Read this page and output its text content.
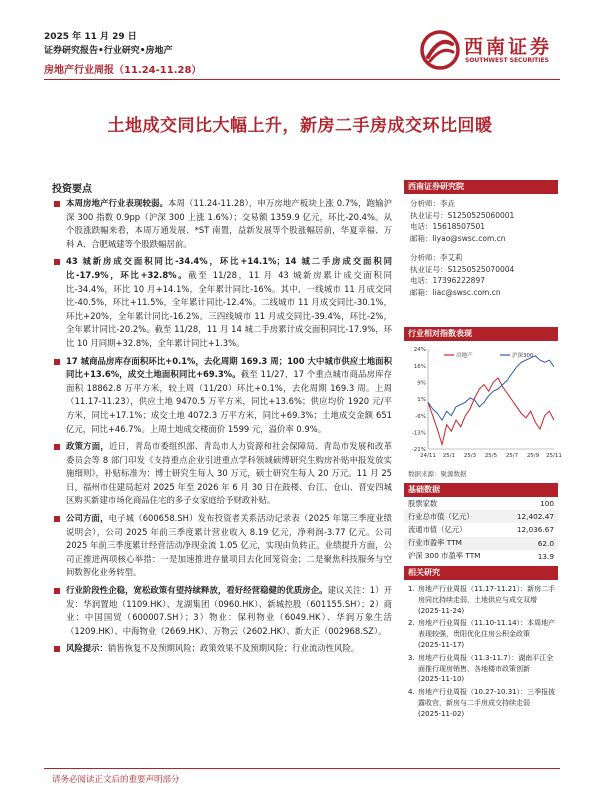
2025 年 11 月 29 日
证券研究报告•行业研究•房地产
房地产行业周报（11.24-11.28）
西南证券
SOUTHWEST SECURITIES
土地成交同比大幅上升，新房二手房成交环比回暖
投资要点
本周房地产行业表现较弱。本周（11.24-11.28），申万房地产板块上涨 0.7%，跑输沪深 300 指数 0.9pp（沪深 300 上涨 1.6%）；交易额 1359.9 亿元，环比-20.4%。从个股涨跌幅来看，本周万通发展、*ST 南置，益新发展等个股涨幅居前，华夏幸福、万科 A、合肥城建等个股跌幅居前。
43 城新房成交面积同比-34.4%，环比+14.1%；14 城二手房成交面积同比-17.9%，环比+32.8%。截至 11/28，11 月 43 城新房累计成交面积同比-34.4%，环比 10 月+14.1%，全年累计同比-16%。其中，一线城市 11 月成交同比-40.5%，环比+11.5%，全年累计同比-12.4%。二线城市 11 月成交同比-30.1%，环比+20%，全年累计同比-16.2%。三四线城市 11 月成交同比-39.4%，环比-2%，全年累计同比-20.2%。截至 11/28，11 月 14 城二手房累计成交面积同比-17.9%，环比 10 月同期+32.8%，全年累计同比+1.3%。
17 城商品房库存面积环比+0.1%，去化周期 169.3 周；100 大中城市供应土地面积同比+13.6%，成交土地面积同比+69.3%。截至 11/27，17 个重点城市商品房库存面积 18862.8 万平方米，较上周（11/20）环比+0.1%，去化周期 169.3 周。上周（11.17-11.23），供应土地 9470.5 万平方米，同比+13.6%；供应均价 1920 元/平方米，同比+17.1%；成交土地 4072.3 万平方米，同比+69.3%；土地成交金额 651 亿元，同比+46.7%。上周土地成交楼面价 1599 元，溢价率 0.9%。
政策方面，近日，青岛市委组织部、青岛市人力资源和社会保障局、青岛市发展和改革委员会等 8 部门印发《支持重点企业引进重点学科领域硕博研究生购房补贴申报发放实施细则》，补贴标准为：博士研究生每人 30 万元，硕士研究生每人 20 万元。11 月 25 日，福州市住建局起对 2025 年至 2026 年 6 月 30 日在鼓楼、台江、仓山、晋安四城区购买新建市场化商品住宅的多子女家庭给予财政补贴。
公司方面，电子城（600658.SH）发布投资者关系活动记录表（2025 年第三季度业绩说明会），公司 2025 年前三季度累计营业收入 8.19 亿元，净利润-3.77 亿元。公司 2025 年前三季度累计经营活动净现金流 1.05 亿元，实现由负转正。业绩提升方面，公司正推进两项核心举措：一是加速推进存量项目去化回笼资金；二是聚焦科技服务与空间数智化业务转型。
行业阶段性企稳，宽松政策有望持续释放，看好经营稳健的优质房企。建议关注：1）开发：华润置地（1109.HK）、龙湖集团（0960.HK）、新城控股（601155.SH）；2）商业：中国国贸（600007.SH）；3）物业：保利物业（6049.HK）、华润万象生活（1209.HK）、中海物业（2669.HK）、万物云（2602.HK）、新大正（002968.SZ）。
风险提示：销售恢复不及预期风险；政策效果不及预期风险；行业流动性风险。
西南证券研究院
分析师：李垚
执业证号：S1250525060001
电话：15618507501
邮箱：liyao@swsc.com.cn
分析师：李艾莉
执业证号：S1250525070004
电话：17396222897
邮箱：liac@swsc.com.cn
行业相对指数表现
24%
16%
9%
1%
-6%
-13%
-21%
24/11 25/1 25/3 25/5 25/7 25/9 25/11
房地产	沪深300
数据来源：聚源数据
基础数据
股票家数	100
行业总市值（亿元）	12,402.47
流通市值（亿元）	12,036.67
行业市盈率 TTM	62.0
沪深 300 市盈率 TTM	13.9
相关研究
1. 房地产行业周报（11.17-11.21）：新房二手房同比持续走弱，土地供应与成交双增
(2025-11-24)
2. 房地产行业周报（11.10-11.14）：本周地产表现较强，贵阳优化住房公积金政策
(2025-11-17)
3. 房地产行业周报（11.3-11.7）：湖南平江全面推行现房销售，各地楼市政策创新
(2025-11-10)
4. 房地产行业周报（10.27-10.31）：三季报披露收官，新房与二手房成交持续走弱
(2025-11-02)
请务必阅读正文后的重要声明部分
